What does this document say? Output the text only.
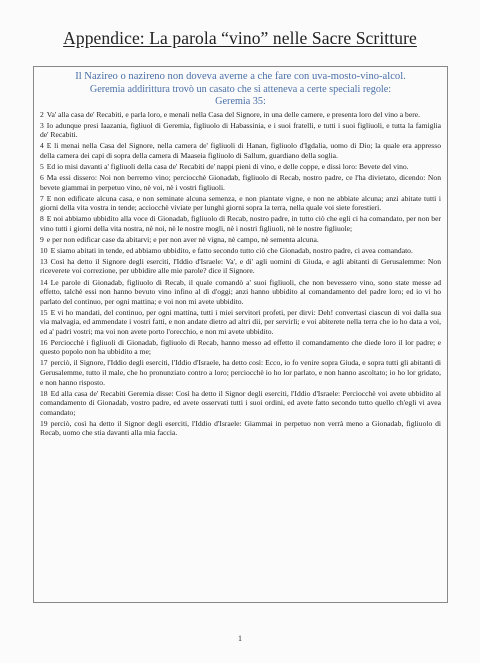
Appendice: La parola “vino” nelle Sacre Scritture
Il Nazireo o nazireno non doveva averne a che fare con uva-mosto-vino-alcol.
Geremia addirittura trovò un casato che si atteneva a certe speciali regole:
Geremia 35:
2 Va' alla casa de' Recabiti, e parla loro, e menali nella Casa del Signore, in una delle camere, e presenta loro del vino a bere.
3 Io adunque presi Iaazania, figliuol di Geremia, figliuolo di Habassinia, e i suoi fratelli, e tutti i suoi figliuoli, e tutta la famiglia de' Recabiti.
4 E li menai nella Casa del Signore, nella camera de' figliuoli di Hanan, figliuolo d'Igdalia, uomo di Dio; la quale era appresso della camera dei capi di sopra della camera di Maaseia figliuolo di Sallum, guardiano della soglia.
5 Ed io misi davanti a' figliuoli della casa de' Recabiti de' nappi pieni di vino, e delle coppe, e dissi loro: Bevete del vino.
6 Ma essi dissero: Noi non berremo vino; perciocchè Gionadab, figliuolo di Recab, nostro padre, ce l'ha divietato, dicendo: Non bevete giammai in perpetuo vino, nè voi, nè i vostri figliuoli.
7 E non edificate alcuna casa, e non seminate alcuna semenza, e non piantate vigne, e non ne abbiate alcuna; anzi abitate tutti i giorni della vita vostra in tende; acciocchè viviate per lunghi giorni sopra la terra, nella quale voi siete forestieri.
8 E noi abbiamo ubbidito alla voce di Gionadab, figliuolo di Recab, nostro padre, in tutto ciò che egli ci ha comandato, per non ber vino tutti i giorni della vita nostra, nè noi, nè le nostre mogli, nè i nostri figliuoli, nè le nostre figliuole;
9 e per non edificar case da abitarvi; e per non aver nè vigna, nè campo, nè sementa alcuna.
10 E siamo abitati in tende, ed abbiamo ubbidito, e fatto secondo tutto ciò che Gionadab, nostro padre, ci avea comandato.
13 Così ha detto il Signore degli eserciti, l'Iddio d'Israele: Va', e di' agli uomini di Giuda, e agli abitanti di Gerusalemme: Non riceverete voi correzione, per ubbidire alle mie parole? dice il Signore.
14 Le parole di Gionadab, figliuolo di Recab, il quale comandò a' suoi figliuoli, che non bevessero vino, sono state messe ad effetto, talchè essi non hanno bevuto vino infino al dì d'oggi; anzi hanno ubbidito al comandamento del padre loro; ed io vi ho parlato del continuo, per ogni mattina; e voi non mi avete ubbidito.
15 E vi ho mandati, del continuo, per ogni mattina, tutti i miei servitori profeti, per dirvi: Deh! convertasi ciascun di voi dalla sua via malvagia, ed ammendate i vostri fatti, e non andate dietro ad altri dii, per servirli; e voi abiterete nella terra che io ho data a voi, ed a' padri vostri; ma voi non avete porto l'orecchio, e non mi avete ubbidito.
16 Perciocchè i figliuoli di Gionadab, figliuolo di Recab, hanno messo ad effetto il comandamento che diede loro il lor padre; e questo popolo non ha ubbidito a me;
17 perciò, il Signore, l'Iddio degli eserciti, l'Iddio d'Israele, ha detto così: Ecco, io fo venire sopra Giuda, e sopra tutti gli abitanti di Gerusalemme, tutto il male, che ho pronunziato contro a loro; perciocchè io ho lor parlato, e non hanno ascoltato; io ho lor gridato, e non hanno risposto.
18 Ed alla casa de' Recabiti Geremia disse: Così ha detto il Signor degli eserciti, l'Iddio d'Israele: Perciocchè voi avete ubbidito al comandamento di Gionadab, vostro padre, ed avete osservati tutti i suoi ordini, ed avete fatto secondo tutto quello ch'egli vi avea comandato;
19 perciò, così ha detto il Signor degli eserciti, l'Iddio d'Israele: Giammai in perpetuo non verrà meno a Gionadab, figliuolo di Recab, uomo che stia davanti alla mia faccia.
1
